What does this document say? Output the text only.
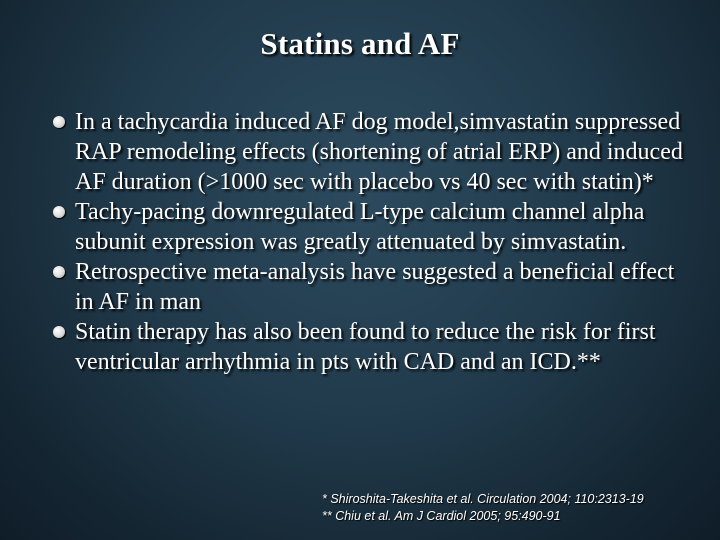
Statins and AF
In a tachycardia induced AF dog model,simvastatin suppressed RAP remodeling effects (shortening of atrial ERP) and induced AF duration (>1000 sec with placebo vs 40 sec with statin)*
Tachy-pacing downregulated L-type calcium channel alpha subunit expression was greatly attenuated by simvastatin.
Retrospective meta-analysis have suggested a beneficial effect in AF in man
Statin therapy has also been found to reduce the risk for first ventricular arrhythmia in pts with CAD and an ICD.**
* Shiroshita-Takeshita et al. Circulation 2004; 110:2313-19
** Chiu et al. Am J Cardiol 2005; 95:490-91
